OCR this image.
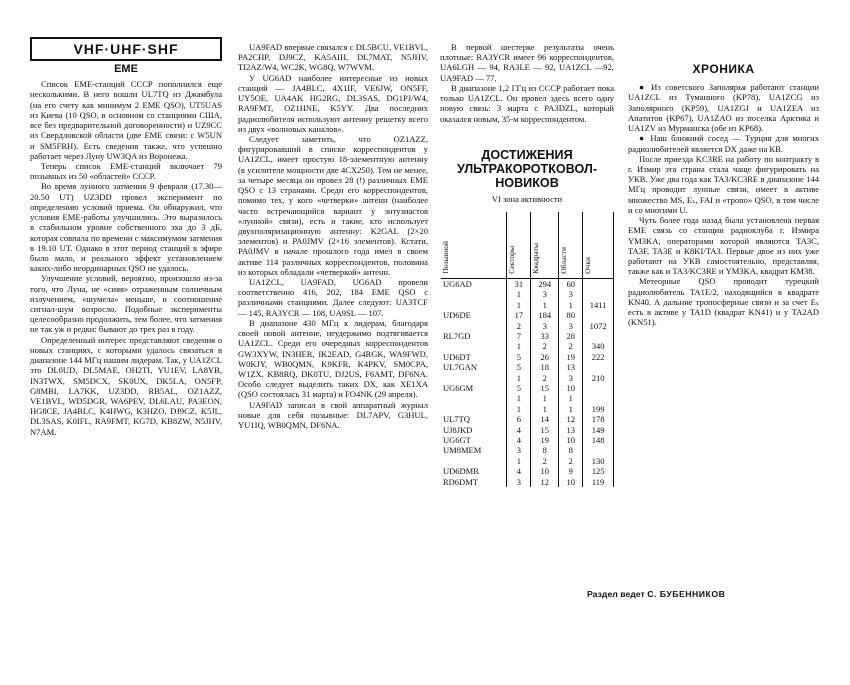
VHF·UHF·SHF
EME

Список EME-станций СССР пополнился еще несколькими. В него вошли UL7TQ из Джамбула (на его счету как минимум 2 EME QSO), UT5UAS из Киева (10 QSO, в основном со станциями США, все без предварительной договоренности) и UZ9CC из Свердловской области (две EME связи: с W5UN и SM5FRH). Есть сведения также, что успешно работает через Луну UW3QA из Воронежа.

Теперь список EME-станций включает 79 позывных из 50 «областей» СССР.

Во время лунного затмения 9 февраля (17.30—20.50 UT) UZ3DD провел эксперимент по определению условий приема. Он обнаружил, что условия EME-работы улучшились. Это выразилось в стабильном уровне собственного эха до 3 дБ, которая совпала по времени с максимумом затмения в 19.10 UT. Однако в этот период станций в эфире было мало, и реального эффект установлением каких-либо неординарных QSO не удалось.

Улучшение условий, вероятно, произошло из-за того, что Луна, не «сияя» отраженным солнечным излучением, «шумела» меньше, и соотношение сигнал-шум возросло. Подобные эксперименты целесообразно продолжить, тем более, что затмения не так уж и редки: бывают до трех раз в году.

Определенный интерес представляют сведения о новых станциях, с которыми удалось связаться в диапазоне 144 МГц нашим лидерам. Так, у UA1ZCL это DL0UD, DL5MAE, OH2TI, YU1EV, LA8YB, IN3TWX, SM5DCX, SK0UX, DK5LA, ON5FP, G8MBI, LA7KK, UZ3DD, RB5AL, OZ1AZZ, VE1BVL, WD5DGR, WA6PEV, DL6LAU, PA3EON, HG8CE, JA4BLC, K4HWG, K3HZO, DJ9CZ, K5JL, DL3SAS, K0IFL, RA9FMT, KG7D, KB8ZW, N5JHV, N7AM.

UA9FAD впервые связался с DL5BCU, VE1BVL, PA2CHP, DJ9CZ, KA5AIH, DL7MAT, N5JHV, TI2AZ/W4, WC2K, WG8Q, W7WVM.

У UG6AD наиболее интересные из новых станций — JA4BLC, 4X1IF, VE6JW, ON5FF, UY5OE, UA4AK HG2RG, DL3SAS, DG1PJ/W4, RA9FMT, OZ1HNE, K5YY. Два последних радиолюбителя используют антенну решетку всего из двух «волновых каналов».

Следует заметить, что OZ1AZZ, фигурировавший в списке корреспондентов у UA1ZCL, имеет простую 18-элементную антенну (в усилителе мощности две 4CX250). Тем не менее, за четыре месяца он провел 28 (!) различных EME QSO с 13 странами. Среди его корреспондентов, помимо тех, у кого «четверки» антенн (наиболее часто встречающийся вариант у энтузиастов «лунной» связи), есть и такие, кто использует двухполяризационную антенну: K2GAL (2×20 элементов) и PA0JMV (2×16 элементов). Кстати, PA0JMV в начале прошлого года имел в своем активе 114 различных корреспондентов, половина из которых обладали «четверкой» антенн.

UA1ZCL, UA9FAD, UG6AD провели соответственно 416, 202, 184 EME QSO с различными станциями. Далее следуют: UA3TCF — 145, RA3YCR — 108, UA9SL — 107.

В диапазоне 430 МГц к лидерам, благодаря своей новой антенне, неудержимо подтягивается UA1ZCL. Среди его очередных корреспондентов GW3XYW, IN3HER, IK2EAD, G4RGK, WA9FWD, W0KJY, WB0QMN, K9KFR, K4PKV, SM0CPA, W1ZX, KB8RQ, DK0TU, DJ2US, F6AMT, DF6NA. Особо следует выделить таких DX, как XE1XA (QSO состоялась 31 марта) и FO4NK (29 апреля).

UA9FAD записал в свой аппаратный журнал новые для себя позывные: DL7APV, G3HUL, YU1IQ, WB0QMN, DF6NA.

В первой шестерке результаты очень плотные: RA3YCR имеет 96 корреспондентов, UA6LGH — 94, RA3LE — 92, UA1ZCL —92, UA9FAD — 77.

В диапазоне 1,2 ГГц из СССР работает пока только UA1ZCL. Он провел здесь всего одну новую связь: 3 марта с PA3DZL, который оказался новым, 35-м корреспондентом.

ДОСТИЖЕНИЯ
УЛЬТРАКОРОТКОВОЛ-
НОВИКОВ
VI зона активности
Позывной	Секторы	Квадраты	Области	Очки
UG6AD	31	294	60	
	1	3	3	
	1	1	1	1411
UD6DE	17	184	80	
	2	3	3	1072
RL7GD	7	33	28	
	1	2	2	340
UD6DT	5	26	19	222
UL7GAN	5	18	13	
	1	2	3	210
UG6GM	5	15	10	
	1	1	1	
	1	1	1	199
UL7TQ	6	14	12	178
UJ8JKD	4	15	13	149
UG6GT	4	19	10	148
UM8MEM	3	8	8	
	1	2	2	130
UD6DMR	4	10	9	125
RD6DMT	3	12	10	119
ХРОНИКА

● Из советского Заполярья работают станции UA1ZCL из Туманного (KP78), UA1ZCG из Заполярного (KP59), UA1ZGJ и UA1ZEA из Апатитов (KP67), UA1ZAO из поселка Арктика и UA1ZV из Мурманска (обе из KP68).

● Наш ближний сосед — Турция для многих радиолюбителей является DX даже на КВ.

После приезда KC3RE на работу по контракту в г. Измир эта страна стала чаще фигурировать на УКВ. Уже два года как TA3/KC3RE в диапазоне 144 МГц проводит лунные связи, имеет в активе множество MS, Eₛ, FAI и «тропо» QSO, в том числе и со многими U.

Чуть более года назад была установлена первая EME связь со станции радиоклуба г. Измира YM3KA, операторами которой являются TA3C, TA3F, TA3E и K8KI/TA3. Первые двое из них уже работают на УКВ самостоятельно, представляя, также как и TA3/KC3RE и YM3KA, квадрат KM38.

Метеорные QSO проводит турецкий радиолюбитель TA1E/2, находящийся в квадрате KN40. А дальние тропосферные связи и за счет Eₛ есть в активе у TA1D (квадрат KN41) и у TA2AD (KN51).

Раздел ведет С. БУБЕННИКОВ
